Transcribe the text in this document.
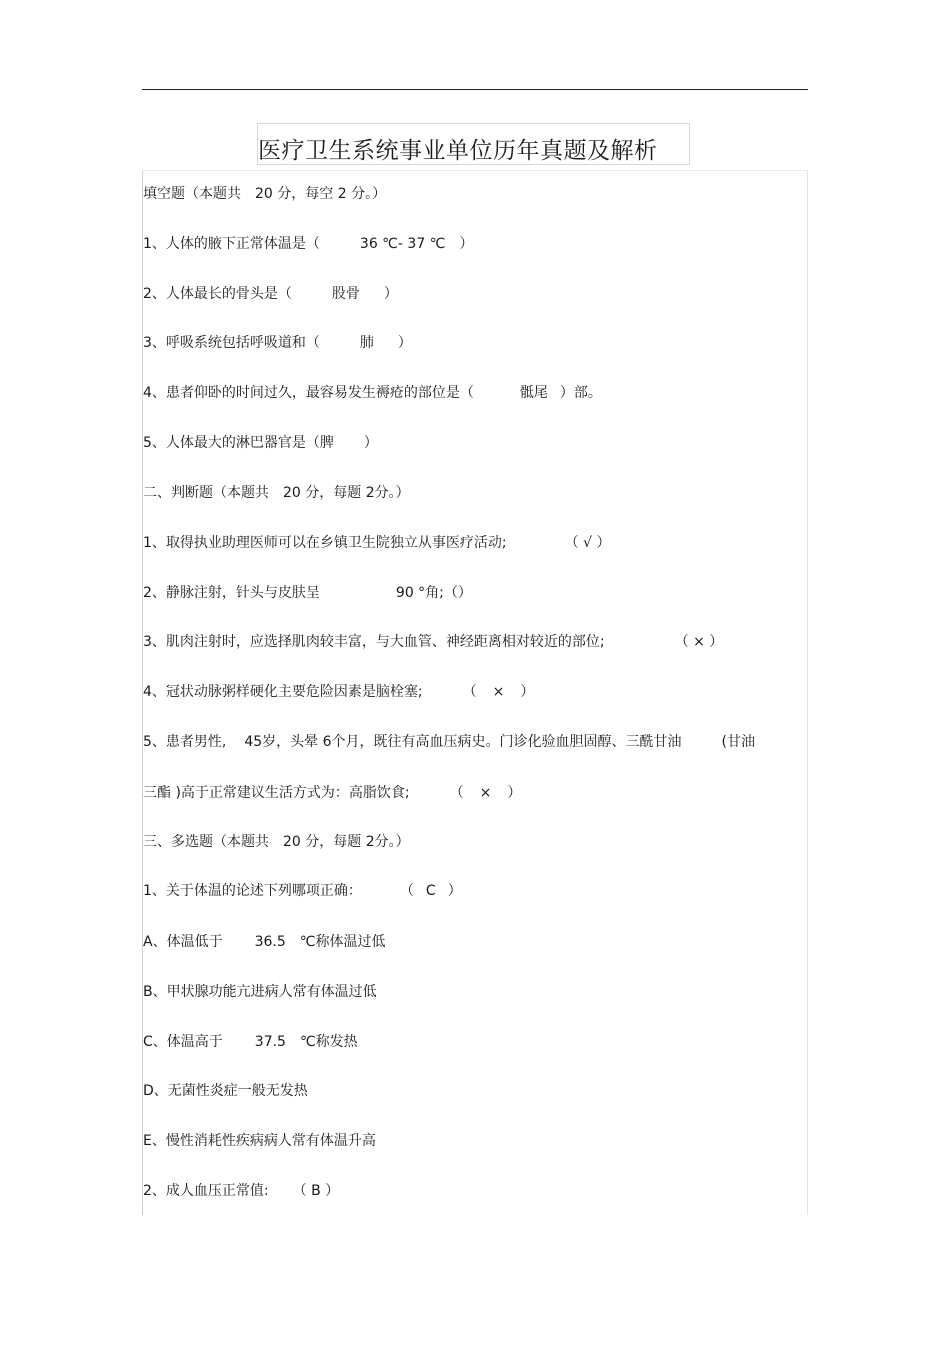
医疗卫生系统事业单位历年真题及解析
填空题（本题共 20 分，每空 2 分。）
1、人体的腋下正常体温是（	36 ℃- 37 ℃ ）
2、人体最长的骨头是（	股骨 ）
3、呼吸系统包括呼吸道和（	肺 ）
4、患者仰卧的时间过久，最容易发生褥疮的部位是（	骶尾 ）部。
5、人体最大的淋巴器官是（脾 ）
二、判断题（本题共 20 分，每题 2分。）
1、取得执业助理医师可以在乡镇卫生院独立从事医疗活动;	（ √ ）
2、静脉注射，针头与皮肤呈	90 °角;（）
3、肌肉注射时，应选择肌肉较丰富，与大血管、神经距离相对较近的部位;	（ × ）
4、冠状动脉粥样硬化主要危险因素是脑栓塞;	（ × ）
5、患者男性, 45岁，头晕 6个月，既往有高血压病史。门诊化验血胆固醇、三酰甘油	(甘油
三酯 )高于正常建议生活方式为：高脂饮食;	（ × ）
三、多选题（本题共 20 分，每题 2分。）
1、关于体温的论述下列哪项正确：	（ C ）
A、体温低于 36.5 ℃称体温过低
B、甲状腺功能亢进病人常有体温过低
C、体温高于 37.5 ℃称发热
D、无菌性炎症一般无发热
E、慢性消耗性疾病病人常有体温升高
2、成人血压正常值: （ B ）
